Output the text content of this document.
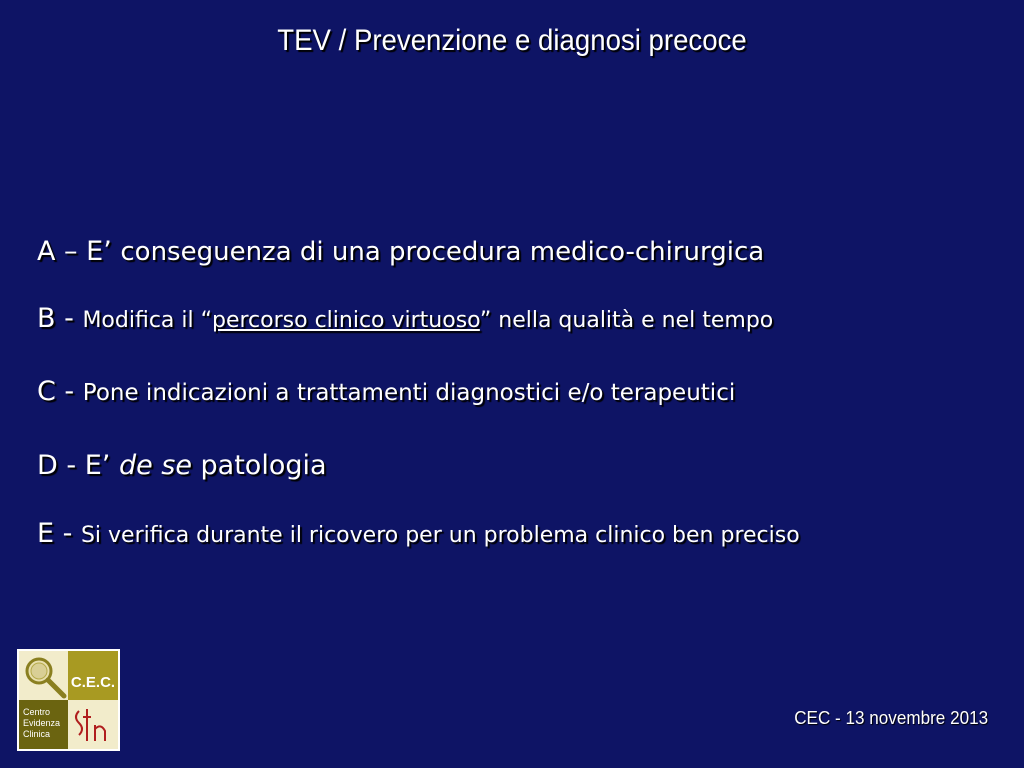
TEV / Prevenzione e diagnosi precoce
A – E’ conseguenza di una procedura medico-chirurgica
B - Modifica il “percorso clinico virtuoso” nella qualità e nel tempo
C - Pone indicazioni a trattamenti diagnostici e/o terapeutici
D - E’ de se patologia
E - Si verifica durante il ricovero per un problema clinico ben preciso
C.E.C.
Centro
Evidenza
Clinica
CEC - 13 novembre 2013
